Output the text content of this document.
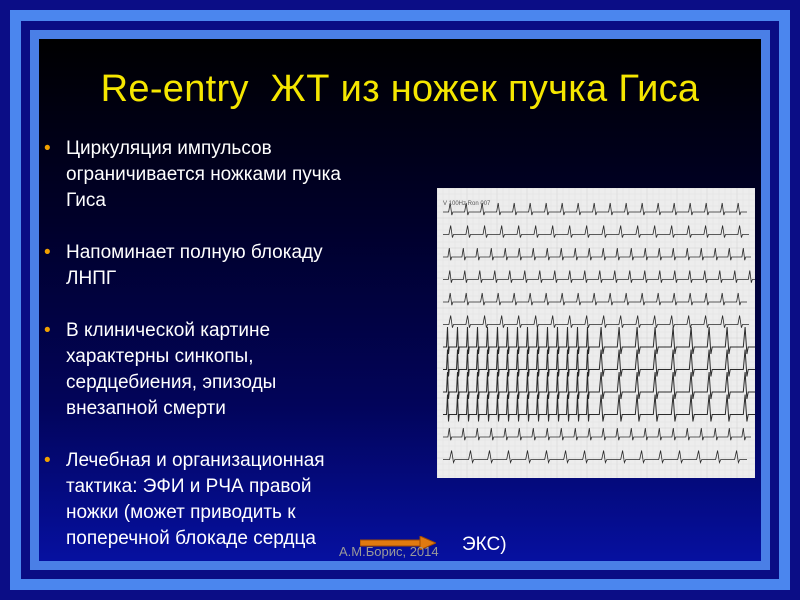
Re-entry  ЖТ из ножек пучка Гиса
• Циркуляция импульсов
ограничивается ножками пучка
Гиса
• Напоминает полную блокаду
ЛНПГ
• В клинической картине
характерны синкопы,
сердцебиения, эпизоды
внезапной смерти
• Лечебная и организационная
тактика: ЭФИ и РЧА правой
ножки (может приводить к
поперечной блокаде сердца	ЭКС)
А.М.Борис, 2014
V 100Hz Ron 007
